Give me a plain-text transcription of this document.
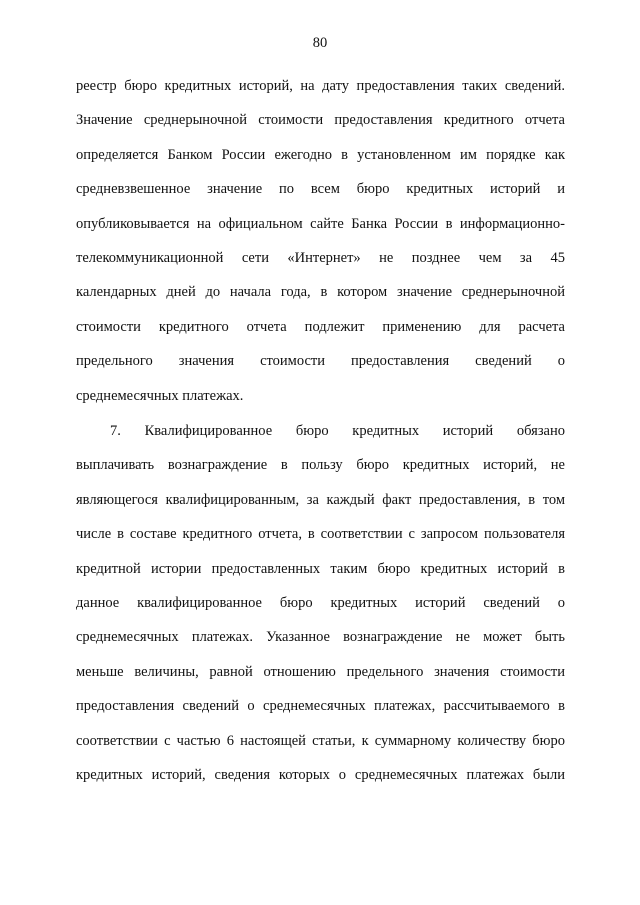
80
реестр бюро кредитных историй, на дату предоставления таких сведений.
Значение среднерыночной стоимости предоставления кредитного отчета
определяется Банком России ежегодно в установленном им порядке как
средневзвешенное значение по всем бюро кредитных историй и
опубликовывается на официальном сайте Банка России в информационно-
телекоммуникационной сети «Интернет» не позднее чем за 45
календарных дней до начала года, в котором значение среднерыночной
стоимости кредитного отчета подлежит применению для расчета
предельного значения стоимости предоставления сведений о
среднемесячных платежах.
7. Квалифицированное бюро кредитных историй обязано
выплачивать вознаграждение в пользу бюро кредитных историй, не
являющегося квалифицированным, за каждый факт предоставления, в том
числе в составе кредитного отчета, в соответствии с запросом пользователя
кредитной истории предоставленных таким бюро кредитных историй в
данное квалифицированное бюро кредитных историй сведений о
среднемесячных платежах. Указанное вознаграждение не может быть
меньше величины, равной отношению предельного значения стоимости
предоставления сведений о среднемесячных платежах, рассчитываемого в
соответствии с частью 6 настоящей статьи, к суммарному количеству бюро
кредитных историй, сведения которых о среднемесячных платежах были
